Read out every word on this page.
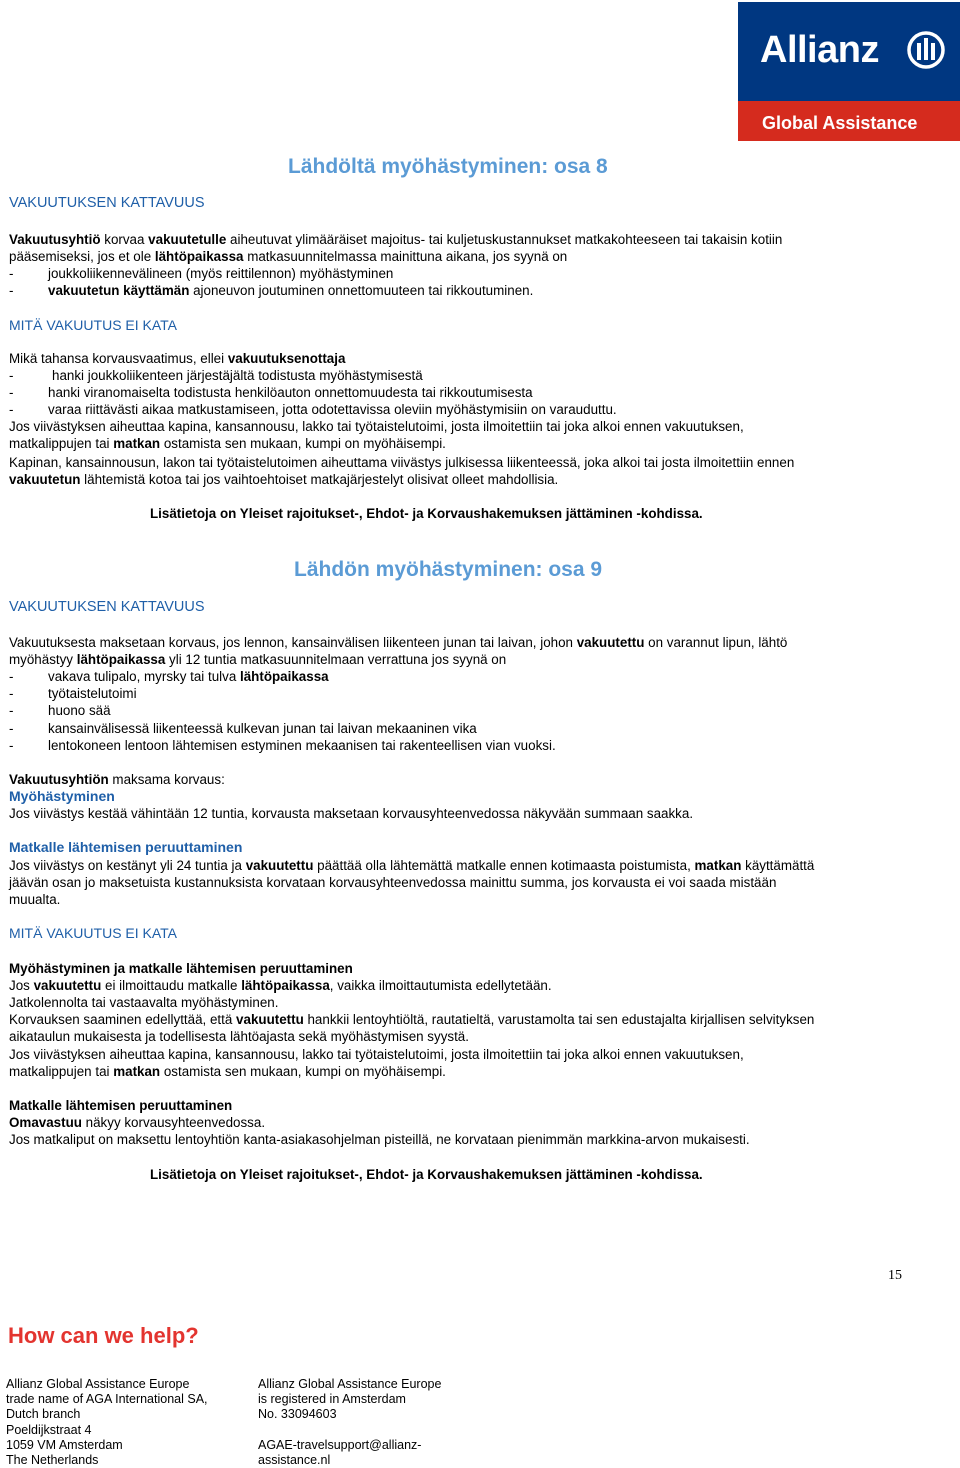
Allianz
Global Assistance
Lähdöltä myöhästyminen: osa 8
VAKUUTUKSEN KATTAVUUS
Vakuutusyhtiö korvaa vakuutetulle aiheutuvat ylimääräiset majoitus- tai kuljetuskustannukset matkakohteeseen tai takaisin kotiin
pääsemiseksi, jos et ole lähtöpaikassa matkasuunnitelmassa mainittuna aikana, jos syynä on
-	joukkoliikennevälineen (myös reittilennon) myöhästyminen
-	vakuutetun käyttämän ajoneuvon joutuminen onnettomuuteen tai rikkoutuminen.
MITÄ VAKUUTUS EI KATA
Mikä tahansa korvausvaatimus, ellei vakuutuksenottaja
-	hanki joukkoliikenteen järjestäjältä todistusta myöhästymisestä
-	hanki viranomaiselta todistusta henkilöauton onnettomuudesta tai rikkoutumisesta
-	varaa riittävästi aikaa matkustamiseen, jotta odotettavissa oleviin myöhästymisiin on varauduttu.
Jos viivästyksen aiheuttaa kapina, kansannousu, lakko tai työtaistelutoimi, josta ilmoitettiin tai joka alkoi ennen vakuutuksen,
matkalippujen tai matkan ostamista sen mukaan, kumpi on myöhäisempi.
Kapinan, kansainnousun, lakon tai työtaistelutoimen aiheuttama viivästys julkisessa liikenteessä, joka alkoi tai josta ilmoitettiin ennen
vakuutetun lähtemistä kotoa tai jos vaihtoehtoiset matkajärjestelyt olisivat olleet mahdollisia.
Lisätietoja on Yleiset rajoitukset-, Ehdot- ja Korvaushakemuksen jättäminen -kohdissa.
Lähdön myöhästyminen: osa 9
VAKUUTUKSEN KATTAVUUS
Vakuutuksesta maksetaan korvaus, jos lennon, kansainvälisen liikenteen junan tai laivan, johon vakuutettu on varannut lipun, lähtö
myöhästyy lähtöpaikassa yli 12 tuntia matkasuunnitelmaan verrattuna jos syynä on
-	vakava tulipalo, myrsky tai tulva lähtöpaikassa
-	työtaistelutoimi
-	huono sää
-	kansainvälisessä liikenteessä kulkevan junan tai laivan mekaaninen vika
-	lentokoneen lentoon lähtemisen estyminen mekaanisen tai rakenteellisen vian vuoksi.
Vakuutusyhtiön maksama korvaus:
Myöhästyminen
Jos viivästys kestää vähintään 12 tuntia, korvausta maksetaan korvausyhteenvedossa näkyvään summaan saakka.
Matkalle lähtemisen peruuttaminen
Jos viivästys on kestänyt yli 24 tuntia ja vakuutettu päättää olla lähtemättä matkalle ennen kotimaasta poistumista, matkan käyttämättä
jäävän osan jo maksetuista kustannuksista korvataan korvausyhteenvedossa mainittu summa, jos korvausta ei voi saada mistään
muualta.
MITÄ VAKUUTUS EI KATA
Myöhästyminen ja matkalle lähtemisen peruuttaminen
Jos vakuutettu ei ilmoittaudu matkalle lähtöpaikassa, vaikka ilmoittautumista edellytetään.
Jatkolennolta tai vastaavalta myöhästyminen.
Korvauksen saaminen edellyttää, että vakuutettu hankkii lentoyhtiöltä, rautatieltä, varustamolta tai sen edustajalta kirjallisen selvityksen
aikataulun mukaisesta ja todellisesta lähtöajasta sekä myöhästymisen syystä.
Jos viivästyksen aiheuttaa kapina, kansannousu, lakko tai työtaistelutoimi, josta ilmoitettiin tai joka alkoi ennen vakuutuksen,
matkalippujen tai matkan ostamista sen mukaan, kumpi on myöhäisempi.
Matkalle lähtemisen peruuttaminen
Omavastuu näkyy korvausyhteenvedossa.
Jos matkaliput on maksettu lentoyhtiön kanta-asiakasohjelman pisteillä, ne korvataan pienimmän markkina-arvon mukaisesti.
Lisätietoja on Yleiset rajoitukset-, Ehdot- ja Korvaushakemuksen jättäminen -kohdissa.
15
How can we help?
Allianz Global Assistance Europe
trade name of AGA International SA,
Dutch branch
Poeldijkstraat 4
1059 VM Amsterdam
The Netherlands
Allianz Global Assistance Europe
is registered in Amsterdam
No. 33094603

AGAE-travelsupport@allianz-
assistance.nl
